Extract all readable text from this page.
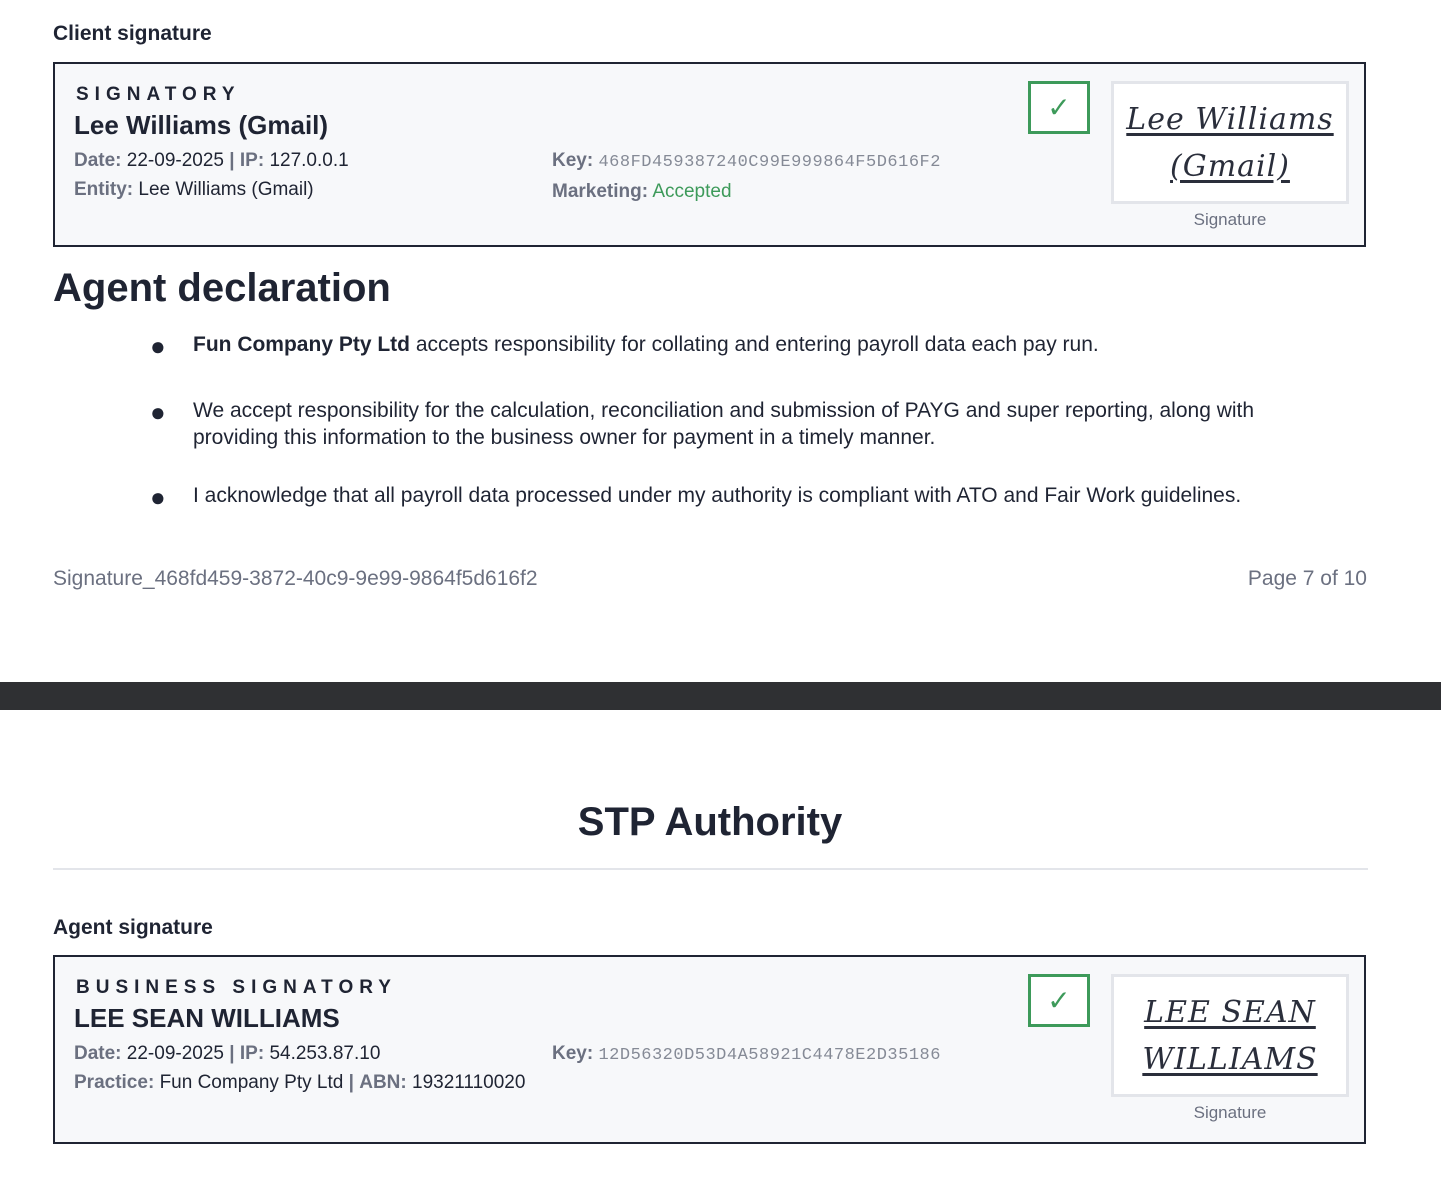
Client signature
SIGNATORY
Lee Williams (Gmail)
Date: 22-09-2025 | IP: 127.0.0.1
Entity: Lee Williams (Gmail)
Key: 468FD459387240C99E999864F5D616F2
Marketing: Accepted
✓	Lee Williams
(Gmail)
Signature
Agent declaration
● Fun Company Pty Ltd accepts responsibility for collating and entering payroll data each pay run.
● We accept responsibility for the calculation, reconciliation and submission of PAYG and super reporting, along with providing this information to the business owner for payment in a timely manner.
● I acknowledge that all payroll data processed under my authority is compliant with ATO and Fair Work guidelines.
Signature_468fd459-3872-40c9-9e99-9864f5d616f2	Page 7 of 10
STP Authority
Agent signature
BUSINESS SIGNATORY
LEE SEAN WILLIAMS
Date: 22-09-2025 | IP: 54.253.87.10
Practice: Fun Company Pty Ltd | ABN: 19321110020
Key: 12D56320D53D4A58921C4478E2D35186
✓	LEE SEAN
WILLIAMS
Signature
